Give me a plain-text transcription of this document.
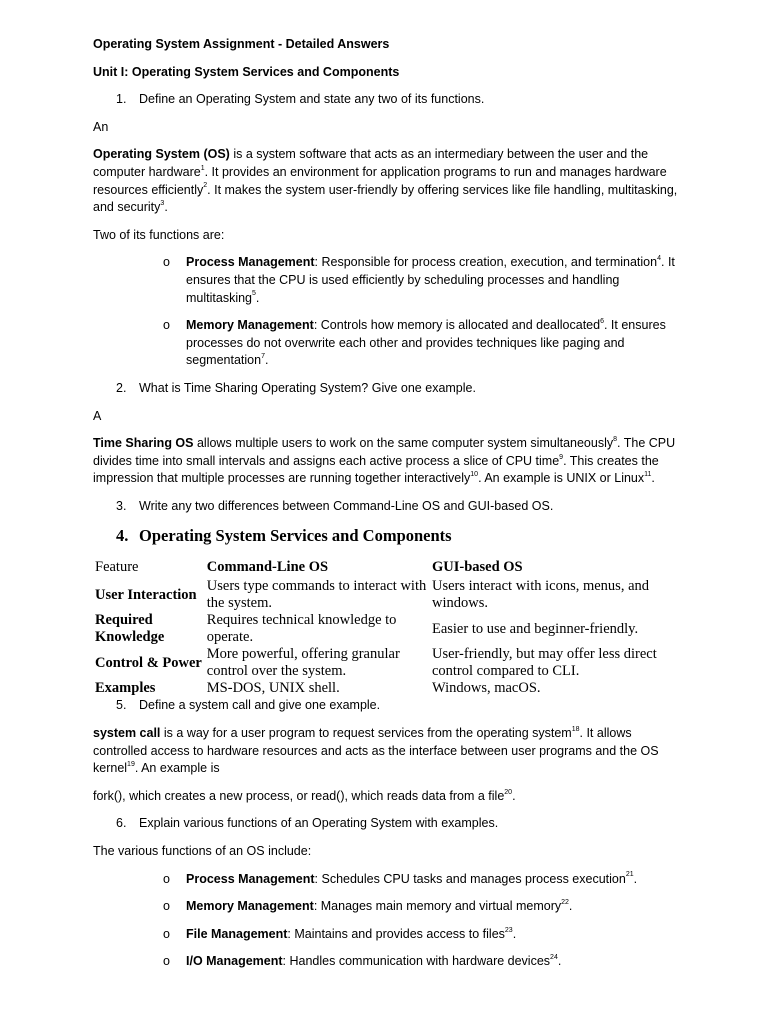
Operating System Assignment - Detailed Answers

Unit I: Operating System Services and Components

1. Define an Operating System and state any two of its functions.

An

Operating System (OS) is a system software that acts as an intermediary between the user and the computer hardware$^1$. It provides an environment for application programs to run and manages hardware resources efficiently$^2$. It makes the system user-friendly by offering services like file handling, multitasking, and security$^3$.

Two of its functions are:

o Process Management: Responsible for process creation, execution, and termination$^4$. It ensures that the CPU is used efficiently by scheduling processes and handling multitasking$^5$.

o Memory Management: Controls how memory is allocated and deallocated$^6$. It ensures processes do not overwrite each other and provides techniques like paging and segmentation$^7$.

2. What is Time Sharing Operating System? Give one example.

A

Time Sharing OS allows multiple users to work on the same computer system simultaneously$^8$. The CPU divides time into small intervals and assigns each active process a slice of CPU time$^9$. This creates the impression that multiple processes are running together interactively$^{10}$. An example is UNIX or Linux$^{11}$.

3. Write any two differences between Command-Line OS and GUI-based OS.

4. Operating System Services and Components

Feature	Command-Line OS	GUI-based OS
User Interaction	Users type commands to interact with the system.	Users interact with icons, menus, and windows.
Required Knowledge	Requires technical knowledge to operate.	Easier to use and beginner-friendly.
Control & Power	More powerful, offering granular control over the system.	User-friendly, but may offer less direct control compared to CLI.
Examples	MS-DOS, UNIX shell.	Windows, macOS.

5. Define a system call and give one example.

system call is a way for a user program to request services from the operating system$^{18}$. It allows controlled access to hardware resources and acts as the interface between user programs and the OS kernel$^{19}$. An example is

fork(), which creates a new process, or read(), which reads data from a file$^{20}$.

6. Explain various functions of an Operating System with examples.

The various functions of an OS include:

o Process Management: Schedules CPU tasks and manages process execution$^{21}$.

o Memory Management: Manages main memory and virtual memory$^{22}$.

o File Management: Maintains and provides access to files$^{23}$.

o I/O Management: Handles communication with hardware devices$^{24}$.
